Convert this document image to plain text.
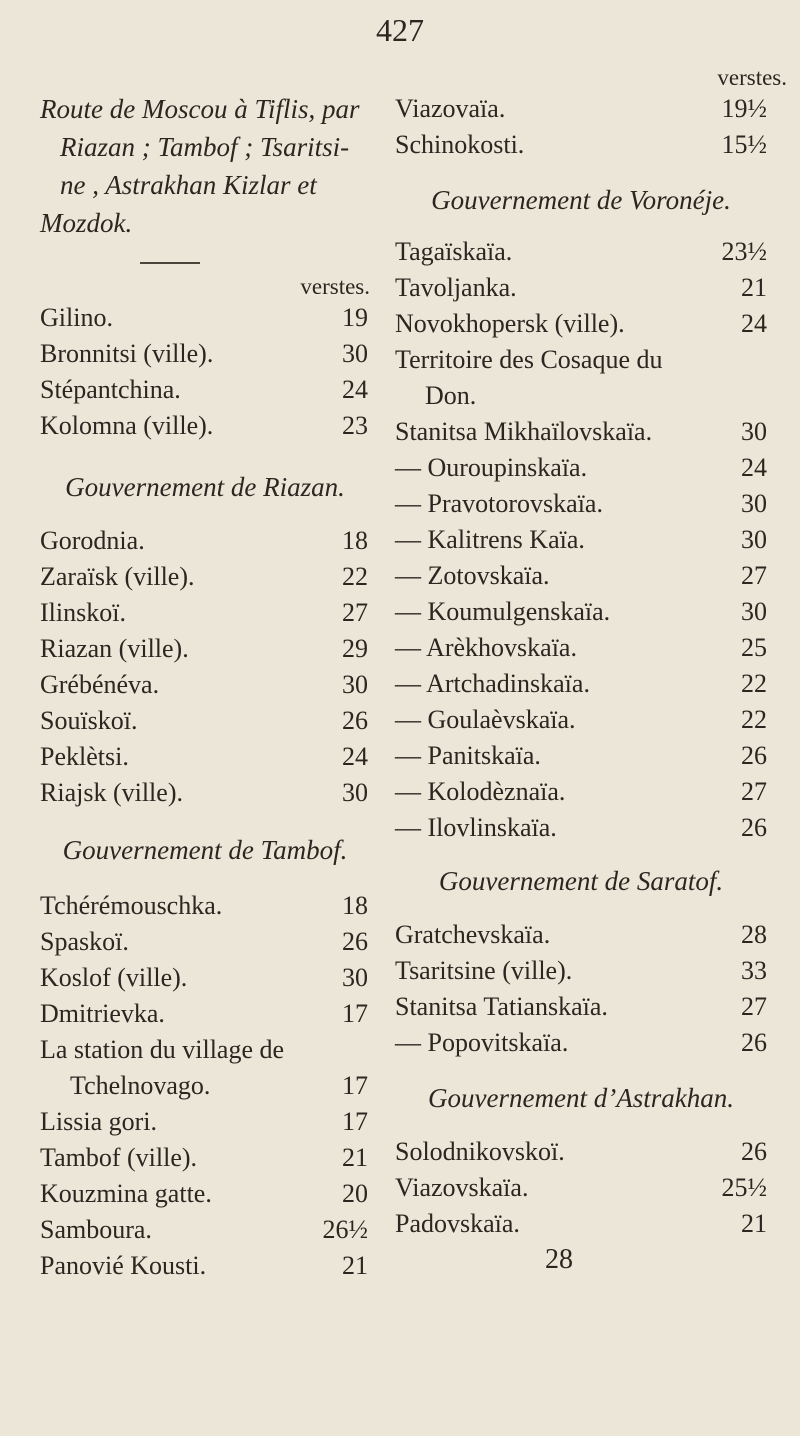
427
Route de Moscou à Tiflis, par
Riazan ; Tambof ; Tsaritsi-
ne , Astrakhan Kizlar et
Mozdok.
verstes.
Gilino.	19
Bronnitsi (ville).	30
Stépantchina.	24
Kolomna (ville).	23
Gouvernement de Riazan.
Gorodnia.	18
Zaraïsk (ville).	22
Ilinskoï.	27
Riazan (ville).	29
Grébénéva.	30
Souïskoï.	26
Peklètsi.	24
Riajsk (ville).	30
Gouvernement de Tambof.
Tchérémouschka.	18
Spaskoï.	26
Koslof (ville).	30
Dmitrievka.	17
La station du village de
Tchelnovago.	17
Lissia gori.	17
Tambof (ville).	21
Kouzmina gatte.	20
Samboura.	26½
Panovié Kousti.	21
verstes.
Viazovaïa.	19½
Schinokosti.	15½
Gouvernement de Voronéje.
Tagaïskaïa.	23½
Tavoljanka.	21
Novokhopersk (ville).	24
Territoire des Cosaque du
Don.
Stanitsa Mikhaïlovskaïa.	30
— Ouroupinskaïa.	24
— Pravotorovskaïa.	30
— Kalitrens Kaïa.	30
— Zotovskaïa.	27
— Koumulgenskaïa.	30
— Arèkhovskaïa.	25
— Artchadinskaïa.	22
— Goulaèvskaïa.	22
— Panitskaïa.	26
— Kolodèznaïa.	27
— Ilovlinskaïa.	26
Gouvernement de Saratof.
Gratchevskaïa.	28
Tsaritsine (ville).	33
Stanitsa Tatianskaïa.	27
— Popovitskaïa.	26
Gouvernement d’Astrakhan.
Solodnikovskoï.	26
Viazovskaïa.	25½
Padovskaïa.	21
28
